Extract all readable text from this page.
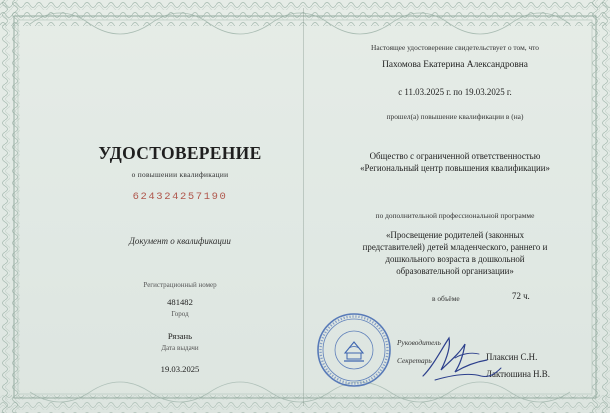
УДОСТОВЕРЕНИЕ
о повышении квалификации
624324257190
Документ о квалификации
Регистрационный номер
481482
Город
Рязань
Дата выдачи
19.03.2025
Настоящее удостоверение свидетельствует о том, что
Пахомова Екатерина Александровна
с 11.03.2025 г. по 19.03.2025 г.
прошел(а) повышение квалификации в (на)
Общество с ограниченной ответственностью
«Региональный центр повышения квалификации»
по дополнительной профессиональной программе
«Просвещение родителей (законных
представителей) детей младенческого, раннего и
дошкольного возраста в дошкольной
образовательной организации»
в объёме	72 ч.
Руководитель
Плаксин С.Н.
Секретарь
Лактюшина Н.В.
